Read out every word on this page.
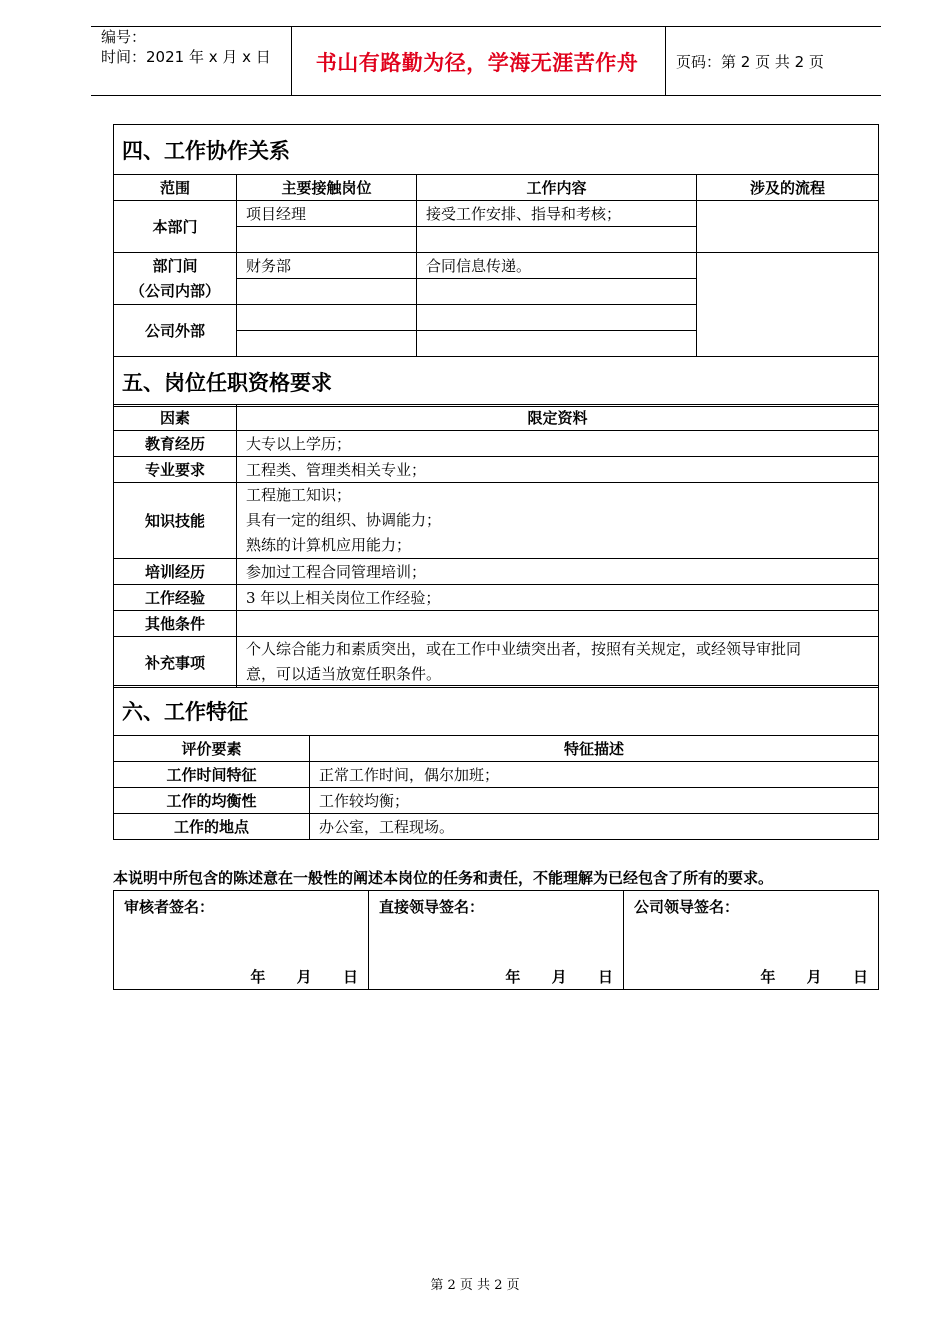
编号：
时间：2021 年 x 月 x 日	书山有路勤为径，学海无涯苦作舟	页码：第 2 页 共 2 页
四、工作协作关系			
范围	主要接触岗位	工作内容	涉及的流程
本部门	项目经理	接受工作安排、指导和考核；	

部门间
（公司内部）	财务部	合同信息传递。	

公司外部			

五、岗位任职资格要求			
因素	限定资料
教育经历	大专以上学历；
专业要求	工程类、管理类相关专业；
知识技能	工程施工知识；
具有一定的组织、协调能力；
熟练的计算机应用能力；

培训经历	参加过工程合同管理培训；
工作经验	3 年以上相关岗位工作经验；
其他条件	
补充事项	个人综合能力和素质突出，或在工作中业绩突出者，按照有关规定，或经领导审批同
意，可以适当放宽任职条件。
六、工作特征	
评价要素	特征描述
工作时间特征	正常工作时间，偶尔加班；
工作的均衡性	工作较均衡；
工作的地点	办公室，工程现场。
本说明中所包含的陈述意在一般性的阐述本岗位的任务和责任，不能理解为已经包含了所有的要求。
审核者签名：
年      月      日

直接领导签名：
年      月      日

公司领导签名：
年      月      日
第 2 页 共 2 页
